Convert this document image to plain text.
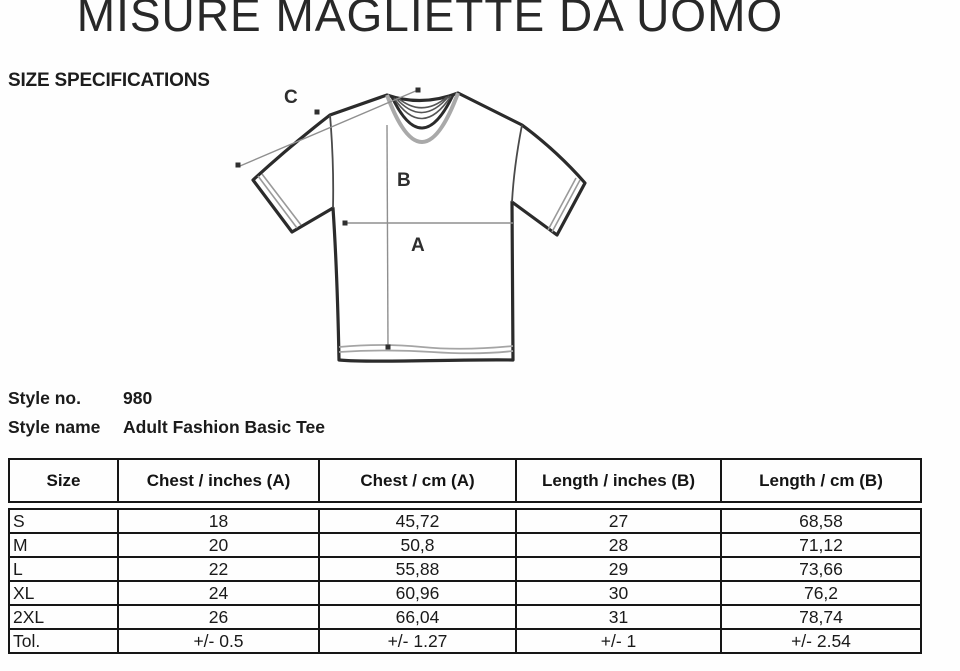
MISURE MAGLIETTE DA UOMO
SIZE SPECIFICATIONS
C
B
A
Style no.	980
Style name	Adult Fashion Basic Tee
Size	Chest / inches (A)	Chest / cm (A)	Length / inches (B)	Length / cm (B)
S	18	45,72	27	68,58
M	20	50,8	28	71,12
L	22	55,88	29	73,66
XL	24	60,96	30	76,2
2XL	26	66,04	31	78,74
Tol.	+/- 0.5	+/- 1.27	+/- 1	+/- 2.54
